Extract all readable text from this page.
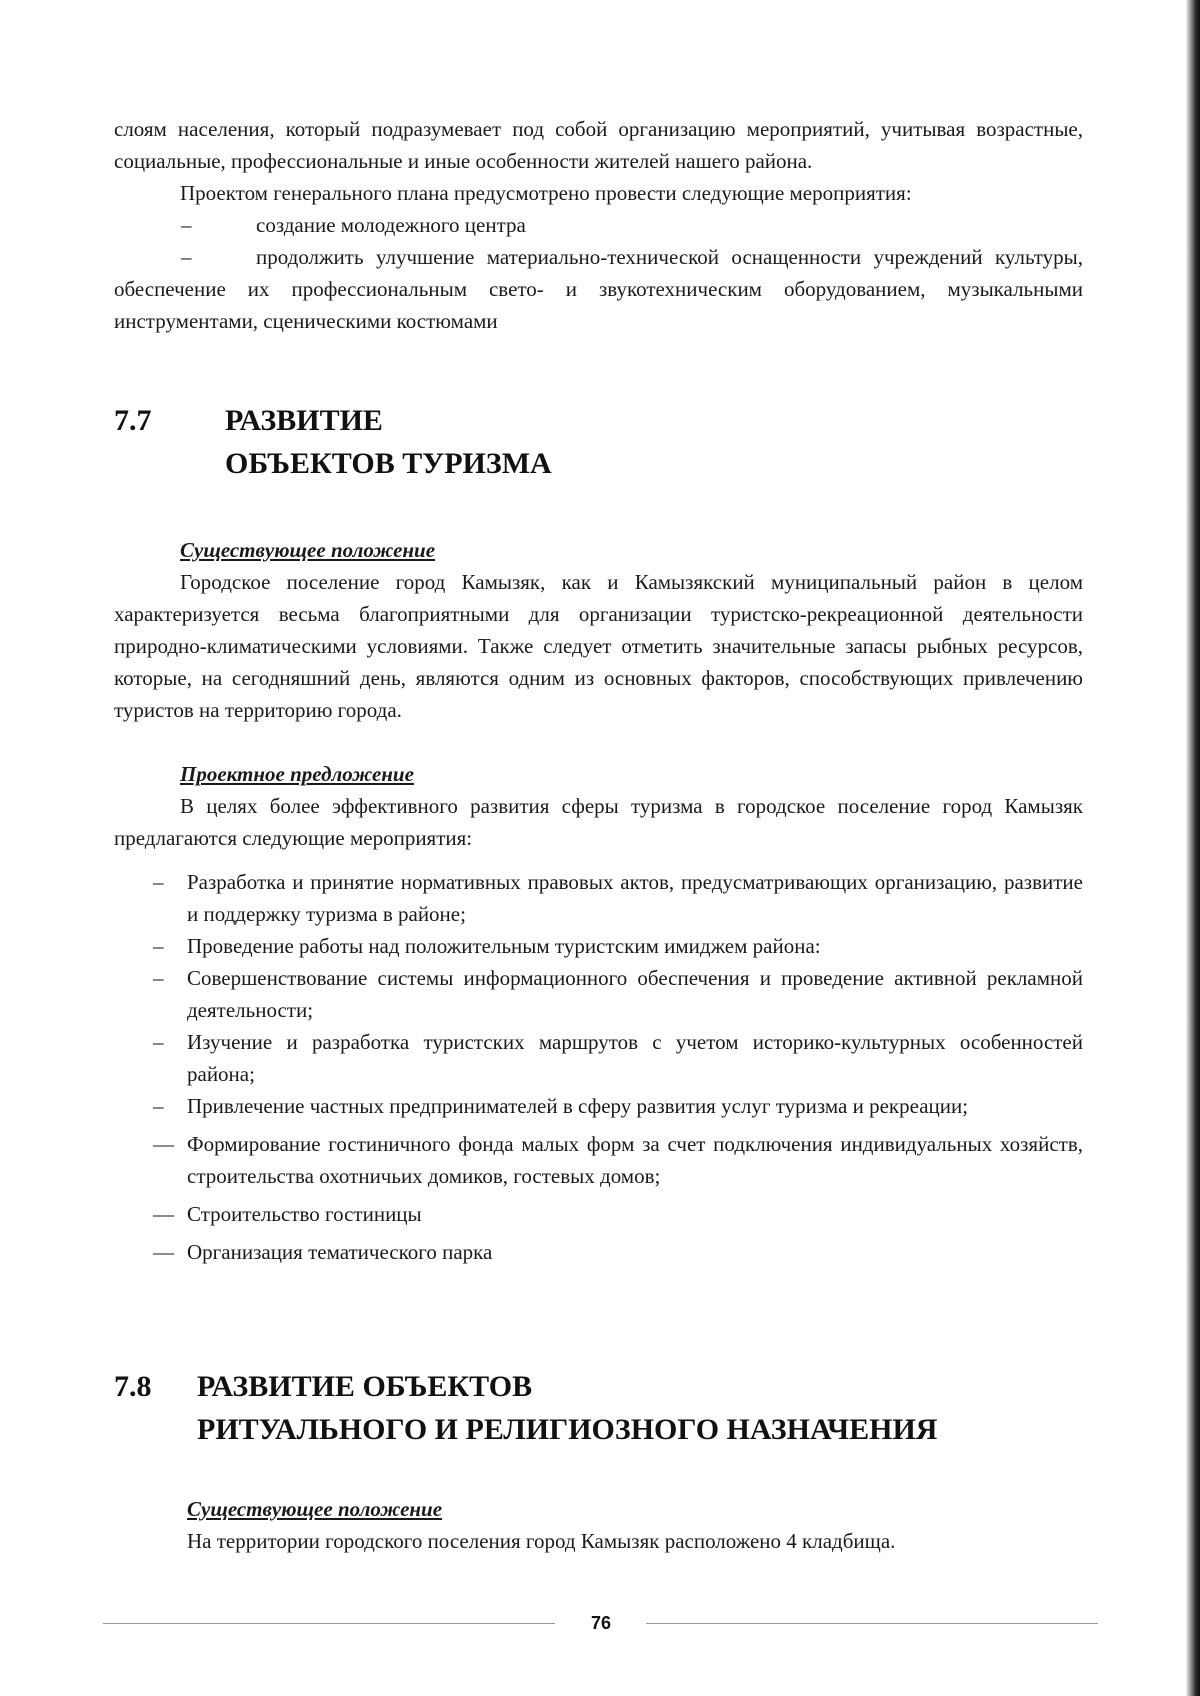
слоям населения, который подразумевает под собой организацию мероприятий, учитывая возрастные, социальные, профессиональные и иные особенности жителей нашего района.

Проектом генерального плана предусмотрено провести следующие мероприятия:

–	создание молодежного центра

–	продолжить улучшение материально-технической оснащенности учреждений культуры, обеспечение их профессиональным свето- и звукотехническим оборудованием, музыкальными инструментами, сценическими костюмами

7.7 РАЗВИТИЕ
ОБЪЕКТОВ ТУРИЗМА
Существующее положение

Городское поселение город Камызяк, как и Камызякский муниципальный район в целом характеризуется весьма благоприятными для организации туристско-рекреационной деятельности природно-климатическими условиями. Также следует отметить значительные запасы рыбных ресурсов, которые, на сегодняшний день, являются одним из основных факторов, способствующих привлечению туристов на территорию города.

Проектное предложение

В целях более эффективного развития сферы туризма в городское поселение город Камызяк предлагаются следующие мероприятия:

– Разработка и принятие нормативных правовых актов, предусматривающих организацию, развитие и поддержку туризма в районе;
– Проведение работы над положительным туристским имиджем района:
– Совершенствование системы информационного обеспечения и проведение активной рекламной деятельности;
– Изучение и разработка туристских маршрутов с учетом историко-культурных особенностей района;
– Привлечение частных предпринимателей в сферу развития услуг туризма и рекреации;
— Формирование гостиничного фонда малых форм за счет подключения индивидуальных хозяйств, строительства охотничьих домиков, гостевых домов;
— Строительство гостиницы
— Организация тематического парка
7.8 РАЗВИТИЕ ОБЪЕКТОВ
РИТУАЛЬНОГО И РЕЛИГИОЗНОГО НАЗНАЧЕНИЯ
Существующее положение

На территории городского поселения город Камызяк расположено 4 кладбища.

76
